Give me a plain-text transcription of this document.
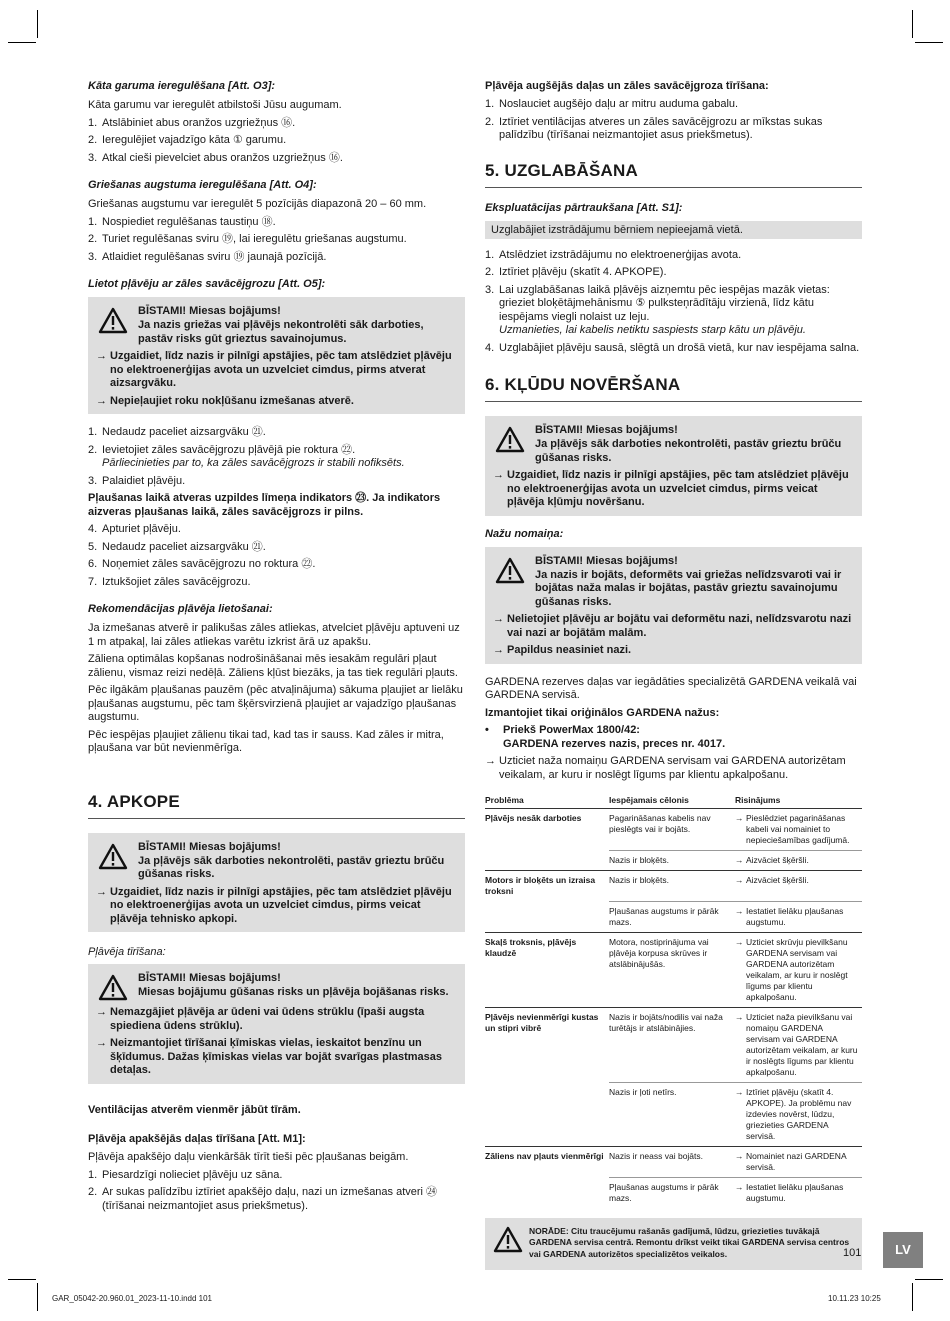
Kāta garuma ieregulēšana [Att. O3]:

Kāta garumu var ieregulēt atbilstoši Jūsu augumam.

1. Atslābiniet abus oranžos uzgriežņus ⑯.
2. Ieregulējiet vajadzīgo kāta ① garumu.
3. Atkal cieši pievelciet abus oranžos uzgriežņus ⑯.
Griešanas augstuma ieregulēšana [Att. O4]:

Griešanas augstumu var ieregulēt 5 pozīcijās diapazonā 20 – 60 mm.

1. Nospiediet regulēšanas taustiņu ⑱.
2. Turiet regulēšanas sviru ⑲, lai ieregulētu griešanas augstumu.
3. Atlaidiet regulēšanas sviru ⑲ jaunajā pozīcijā.
Lietot pļāvēju ar zāles savācējgrozu [Att. O5]:
BĪSTAMI! Miesas bojājums!
Ja nazis griežas vai pļāvējs nekontrolēti sāk darboties, pastāv risks gūt grieztus savainojumus.
→ Uzgaidiet, līdz nazis ir pilnīgi apstājies, pēc tam atslēdziet pļāvēju no elektroenerģijas avota un uzvelciet cimdus, pirms atverat aizsargvāku.
→ Nepieļaujiet roku nokļūšanu izmešanas atverē.
1. Nedaudz paceliet aizsargvāku ㉑.
2. Ievietojiet zāles savācējgrozu pļāvējā pie roktura ㉒.
Pārliecinieties par to, ka zāles savācējgrozs ir stabili nofiksēts.
3. Palaidiet pļāvēju.

Pļaušanas laikā atveras uzpildes līmeņa indikators ㉓. Ja indikators aizveras pļaušanas laikā, zāles savācējgrozs ir pilns.

4. Apturiet pļāvēju.
5. Nedaudz paceliet aizsargvāku ㉑.
6. Noņemiet zāles savācējgrozu no roktura ㉒.
7. Iztukšojiet zāles savācējgrozu.
Rekomendācijas pļāvēja lietošanai:

Ja izmešanas atverē ir palikušas zāles atliekas, atvelciet pļāvēju aptuveni uz 1 m atpakaļ, lai zāles atliekas varētu izkrist ārā uz apakšu.

Zāliena optimālas kopšanas nodrošināšanai mēs iesakām regulāri pļaut zālienu, vismaz reizi nedēļā. Zāliens kļūst biezāks, ja tas tiek regulāri pļauts.

Pēc ilgākām pļaušanas pauzēm (pēc atvaļinājuma) sākuma pļaujiet ar lielāku pļaušanas augstumu, pēc tam šķērsvirzienā pļaujiet ar vajadzīgo pļaušanas augstumu.

Pēc iespējas pļaujiet zālienu tikai tad, kad tas ir sauss. Kad zāles ir mitra, pļaušana var būt nevienmērīga.

4. APKOPE
BĪSTAMI! Miesas bojājums!
Ja pļāvējs sāk darboties nekontrolēti, pastāv grieztu brūču gūšanas risks.
→ Uzgaidiet, līdz nazis ir pilnīgi apstājies, pēc tam atslēdziet pļāvēju no elektroenerģijas avota un uzvelciet cimdus, pirms veicat pļāvēja tehnisko apkopi.
Pļāvēja tīrīšana:
BĪSTAMI! Miesas bojājums!
Miesas bojājumu gūšanas risks un pļāvēja bojāšanas risks.
→ Nemazgājiet pļāvēja ar ūdeni vai ūdens strūklu (īpaši augsta spiediena ūdens strūklu).
→ Neizmantojiet tīrīšanai ķīmiskas vielas, ieskaitot benzīnu un šķīdumus. Dažas ķīmiskas vielas var bojāt svarīgas plastmasas detaļas.

Ventilācijas atverēm vienmēr jābūt tīrām.

Pļāvēja apakšējās daļas tīrīšana [Att. M1]:

Pļāvēja apakšējo daļu vienkāršāk tīrīt tieši pēc pļaušanas beigām.

1. Piesardzīgi nolieciet pļāvēju uz sāna.
2. Ar sukas palīdzību iztīriet apakšējo daļu, nazi un izmešanas atveri ㉔ (tīrīšanai neizmantojiet asus priekšmetus).
Pļāvēja augšējās daļas un zāles savācējgroza tīrīšana:
1. Noslauciet augšējo daļu ar mitru auduma gabalu.
2. Iztīriet ventilācijas atveres un zāles savācējgrozu ar mīkstas sukas palīdzību (tīrīšanai neizmantojiet asus priekšmetus).
5. UZGLABĀŠANA
Ekspluatācijas pārtraukšana [Att. S1]:
Uzglabājiet izstrādājumu bērniem nepieejamā vietā.
1. Atslēdziet izstrādājumu no elektroenerģijas avota.
2. Iztīriet pļāvēju (skatīt 4. APKOPE).
3. Lai uzglabāšanas laikā pļāvējs aizņemtu pēc iespējas mazāk vietas: grieziet bloķētājmehānismu ⑤ pulksteņrādītāju virzienā, līdz kātu iespējams viegli nolaist uz leju.
Uzmanieties, lai kabelis netiktu saspiests starp kātu un pļāvēju.
4. Uzglabājiet pļāvēju sausā, slēgtā un drošā vietā, kur nav iespējama salna.
6. KĻŪDU NOVĒRŠANA
BĪSTAMI! Miesas bojājums!
Ja pļāvējs sāk darboties nekontrolēti, pastāv grieztu brūču gūšanas risks.
→ Uzgaidiet, līdz nazis ir pilnīgi apstājies, pēc tam atslēdziet pļāvēju no elektroenerģijas avota un uzvelciet cimdus, pirms veicat pļāvēja kļūmju novēršanu.
Nažu nomaiņa:
BĪSTAMI! Miesas bojājums!
Ja nazis ir bojāts, deformēts vai griežas nelīdzsvaroti vai ir bojātas naža malas ir bojātas, pastāv grieztu savainojumu gūšanas risks.
→ Nelietojiet pļāvēju ar bojātu vai deformētu nazi, nelīdzsvarotu nazi vai nazi ar bojātām malām.
→ Papildus neasiniet nazi.

GARDENA rezerves daļas var iegādāties specializētā GARDENA veikalā vai GARDENA servisā.

Izmantojiet tikai oriģinālos GARDENA nažus:

• Priekš PowerMax 1800/42:
GARDENA rezerves nazis, preces nr. 4017.
→ Uzticiet naža nomaiņu GARDENA servisam vai GARDENA autorizētam veikalam, ar kuru ir noslēgt līgums par klientu apkalpošanu.
Problēma	Iespējamais cēlonis	Risinājums
Pļāvējs nesāk darboties	Pagarināšanas kabelis nav pieslēgts vai ir bojāts.	→ Pieslēdziet pagarināšanas kabeli vai nomainiet to nepieciešamības gadījumā.

	Nazis ir bloķēts.	→ Aizvāciet šķēršli.

Motors ir bloķēts un izraisa troksni	Nazis ir bloķēts.	→ Aizvāciet šķēršli.

	Pļaušanas augstums ir pārāk mazs.	→ Iestatiet lielāku pļaušanas augstumu.

Skaļš troksnis, pļāvējs klaudzē	Motora, nostiprinājuma vai pļāvēja korpusa skrūves ir atslābinājušās.	→ Uzticiet skrūvju pievilkšanu GARDENA servisam vai GARDENA autorizētam veikalam, ar kuru ir noslēgt līgums par klientu apkalpošanu.

Pļāvējs nevienmērīgi kustas un stipri vibrē	Nazis ir bojāts/nodilis vai naža turētājs ir atslābinājies.	→ Uzticiet naža pievilkšanu vai nomaiņu GARDENA servisam vai GARDENA autorizētam veikalam, ar kuru ir noslēgts līgums par klientu apkalpošanu.

	Nazis ir ļoti netīrs.	→ Iztīriet pļāvēju (skatīt 4. APKOPE). Ja problēmu nav izdevies novērst, lūdzu, griezieties GARDENA servisā.

Zāliens nav pļauts vienmērīgi	Nazis ir neass vai bojāts.	→ Nomainiet nazi GARDENA servisā.

	Pļaušanas augstums ir pārāk mazs.	→ Iestatiet lielāku pļaušanas augstumu.
NORĀDE: Citu traucējumu rašanās gadījumā, lūdzu, griezieties tuvākajā GARDENA servisa centrā. Remontu drīkst veikt tikai GARDENA servisa centros vai GARDENA autorizētos specializētos veikalos.	101	LV
GAR_05042-20.960.01_2023-11-10.indd 101	10.11.23 10:25
